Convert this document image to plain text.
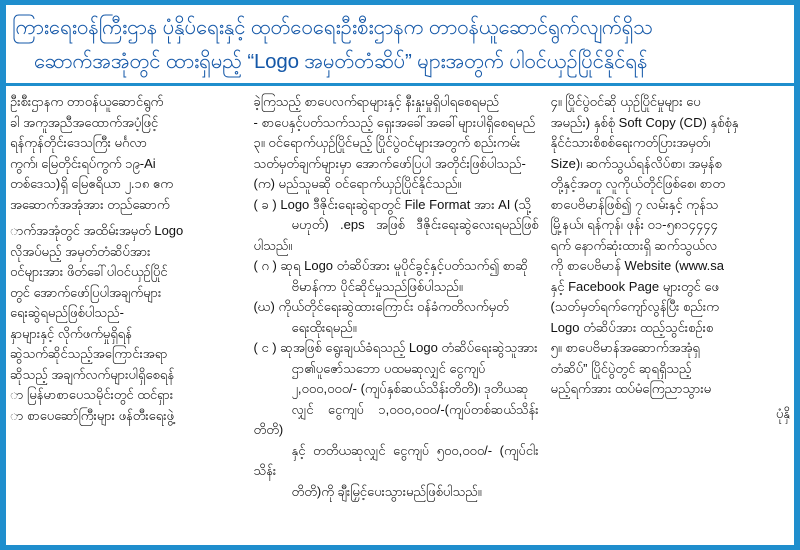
ကြားရေးဝန်ကြီးဌာန ပုံနှိပ်ရေးနှင့် ထုတ်ဝေရေးဦးစီးဌာနက တာဝန်ယူဆောင်ရွက်လျက်ရှိသ
ဆောက်အအုံတွင် ထားရှိမည့် “Logo အမှတ်တံဆိပ်” များအတွက် ပါဝင်ယှဉ်ပြိုင်နိုင်ရန်
ဦးစီးဌာနက တာဝန်ယူဆောင်ရွက်
ခါ အကူအညီအထောက်အပံ့ဖြင့်
ရန်ကုန်တိုင်းဒေသကြီး မင်္ဂလာ
ကွက်၊ မြေတိုင်းရပ်ကွက် ၁၉-Ai
တစ်ဒေသ)ရှိ မြေဧရိယာ ၂.၁၈ ဧက
အဆောက်အအုံအား တည်ဆောက်
ာက်အအုံတွင် အထိမ်းအမှတ် Logo
လိုအပ်မည့် အမှတ်တံဆိပ်အား
ဝင်များအား ဖိတ်ခေါ်ပါဝင်ယှဉ်ပြိုင်
တွင် အောက်ဖော်ပြပါအချက်များ
ရေးဆွဲရမည်ဖြစ်ပါသည်-
နှာများနှင့် လိုက်ဖက်မှုရှိရန်
ဆွဲသက်ဆိုင်သည့်အကြောင်းအရာ
ဆိုသည့် အချက်လက်များပါရှိစေရန်
ာ မြန်မာစာပေသမိုင်းတွင် ထင်ရှား
ာ စာပေဆော်ကြီးများ ဖန်တီးရေးဖွဲ့
ခဲ့ကြသည့် စာပေလက်ရာများနှင့် နီးနှုးမှုရှိပါရစေရမည်
- စာပေနှင့်ပတ်သက်သည့် ရှေးအခေါ်အခေါ်များပါရှိစေရမည်
၃။ ဝင်ရောက်ယှဉ်ပြိုင်မည့် ပြိုင်ပွဲဝင်များအတွက် စည်းကမ်း
သတ်မှတ်ချက်များမှာ အောက်ဖော်ပြပါ အတိုင်းဖြစ်ပါသည်-
(က) မည်သူမဆို ဝင်ရောက်ယှဉ်ပြိုင်နိုင်သည်။
( ခ ) Logo ဒီဇိုင်းရေးဆွဲရာတွင် File Format အား AI (သို့
မဟုတ်) .eps အဖြစ် ဒီဇိုင်းရေးဆွဲလေးရမည်ဖြစ်ပါသည်။
( ဂ ) ဆုရ Logo တံဆိပ်အား မူပိုင်ခွင့်နှင့်ပတ်သက်၍ စာဆို
ဗိမာန်ကာ ပိုင်ဆိုင်မှုသည်ဖြစ်ပါသည်။
(ဃ) ကိုယ်တိုင်ရေးဆွဲထားကြောင်း ဝန်ခံကတိလက်မှတ်
ရေးထိုးရမည်။
( င ) ဆုအဖြစ် ရွေးချယ်ခံရသည့် Logo တံဆိပ်ရေးဆွဲသူအား
ဌာ၏ပူဇော်သဘော ပထမဆုလျှင် ငွေကျပ်
၂,၀၀၀,၀၀၀/- (ကျပ်နှစ်ဆယ်သိန်းတိတိ)၊ ဒုတိယဆု
လျှင် ငွေကျပ် ၁,၀၀၀,၀၀၀/-(ကျပ်တစ်ဆယ်သိန်းတိတိ)
နှင့် တတိယဆုလျှင် ငွေကျပ် ၅၀၀,၀၀၀/- (ကျပ်ငါးသိန်း
တိတိ)ကို ချီးမြှင့်ပေးသွားမည်ဖြစ်ပါသည်။
၄။ ပြိုင်ပွဲဝင်ဆို ယှဉ်ပြိုင်မှုများ ပေ
အမည်း) နှစ်စုံ Soft Copy (CD) နှစ်စုံနှ
နိုင်ငံသားစိစစ်ရေးကတ်ပြားအမှတ်၊
Size)၊ ဆက်သွယ်ရန်လိပ်စာ၊ အမှန်စ
တို့နှင့်အတူ လူကိုယ်တိုင်ဖြစ်စေ၊ စာတ
စာပေဗိမာန်ဖြစ်၍ ၇ လမ်းနှင့် ကုန်သ
မြို့နယ်၊ ရန်ကုန်၊ ဖုန်း ၀၁-၅၈၁၄၄၄၄
ရက် နောက်ဆုံးထားရှိ ဆက်သွယ်လ
ကို စာပေဗိမာန် Website (www.sa
နှင့် Facebook Page များတွင် ဖေ
(သတ်မှတ်ရက်ကျော်လွန်ပြီး စည်းက
Logo တံဆိပ်အား ထည့်သွင်းစဉ်းစ
၅။ စာပေဗိမာန်အဆောက်အအုံရှ
တံဆိပ်” ပြိုင်ပွဲတွင် ဆုရရှိသည့်
မည့်ရက်အား ထပ်မံကြေညာသွားမ
ပုံနှိ
